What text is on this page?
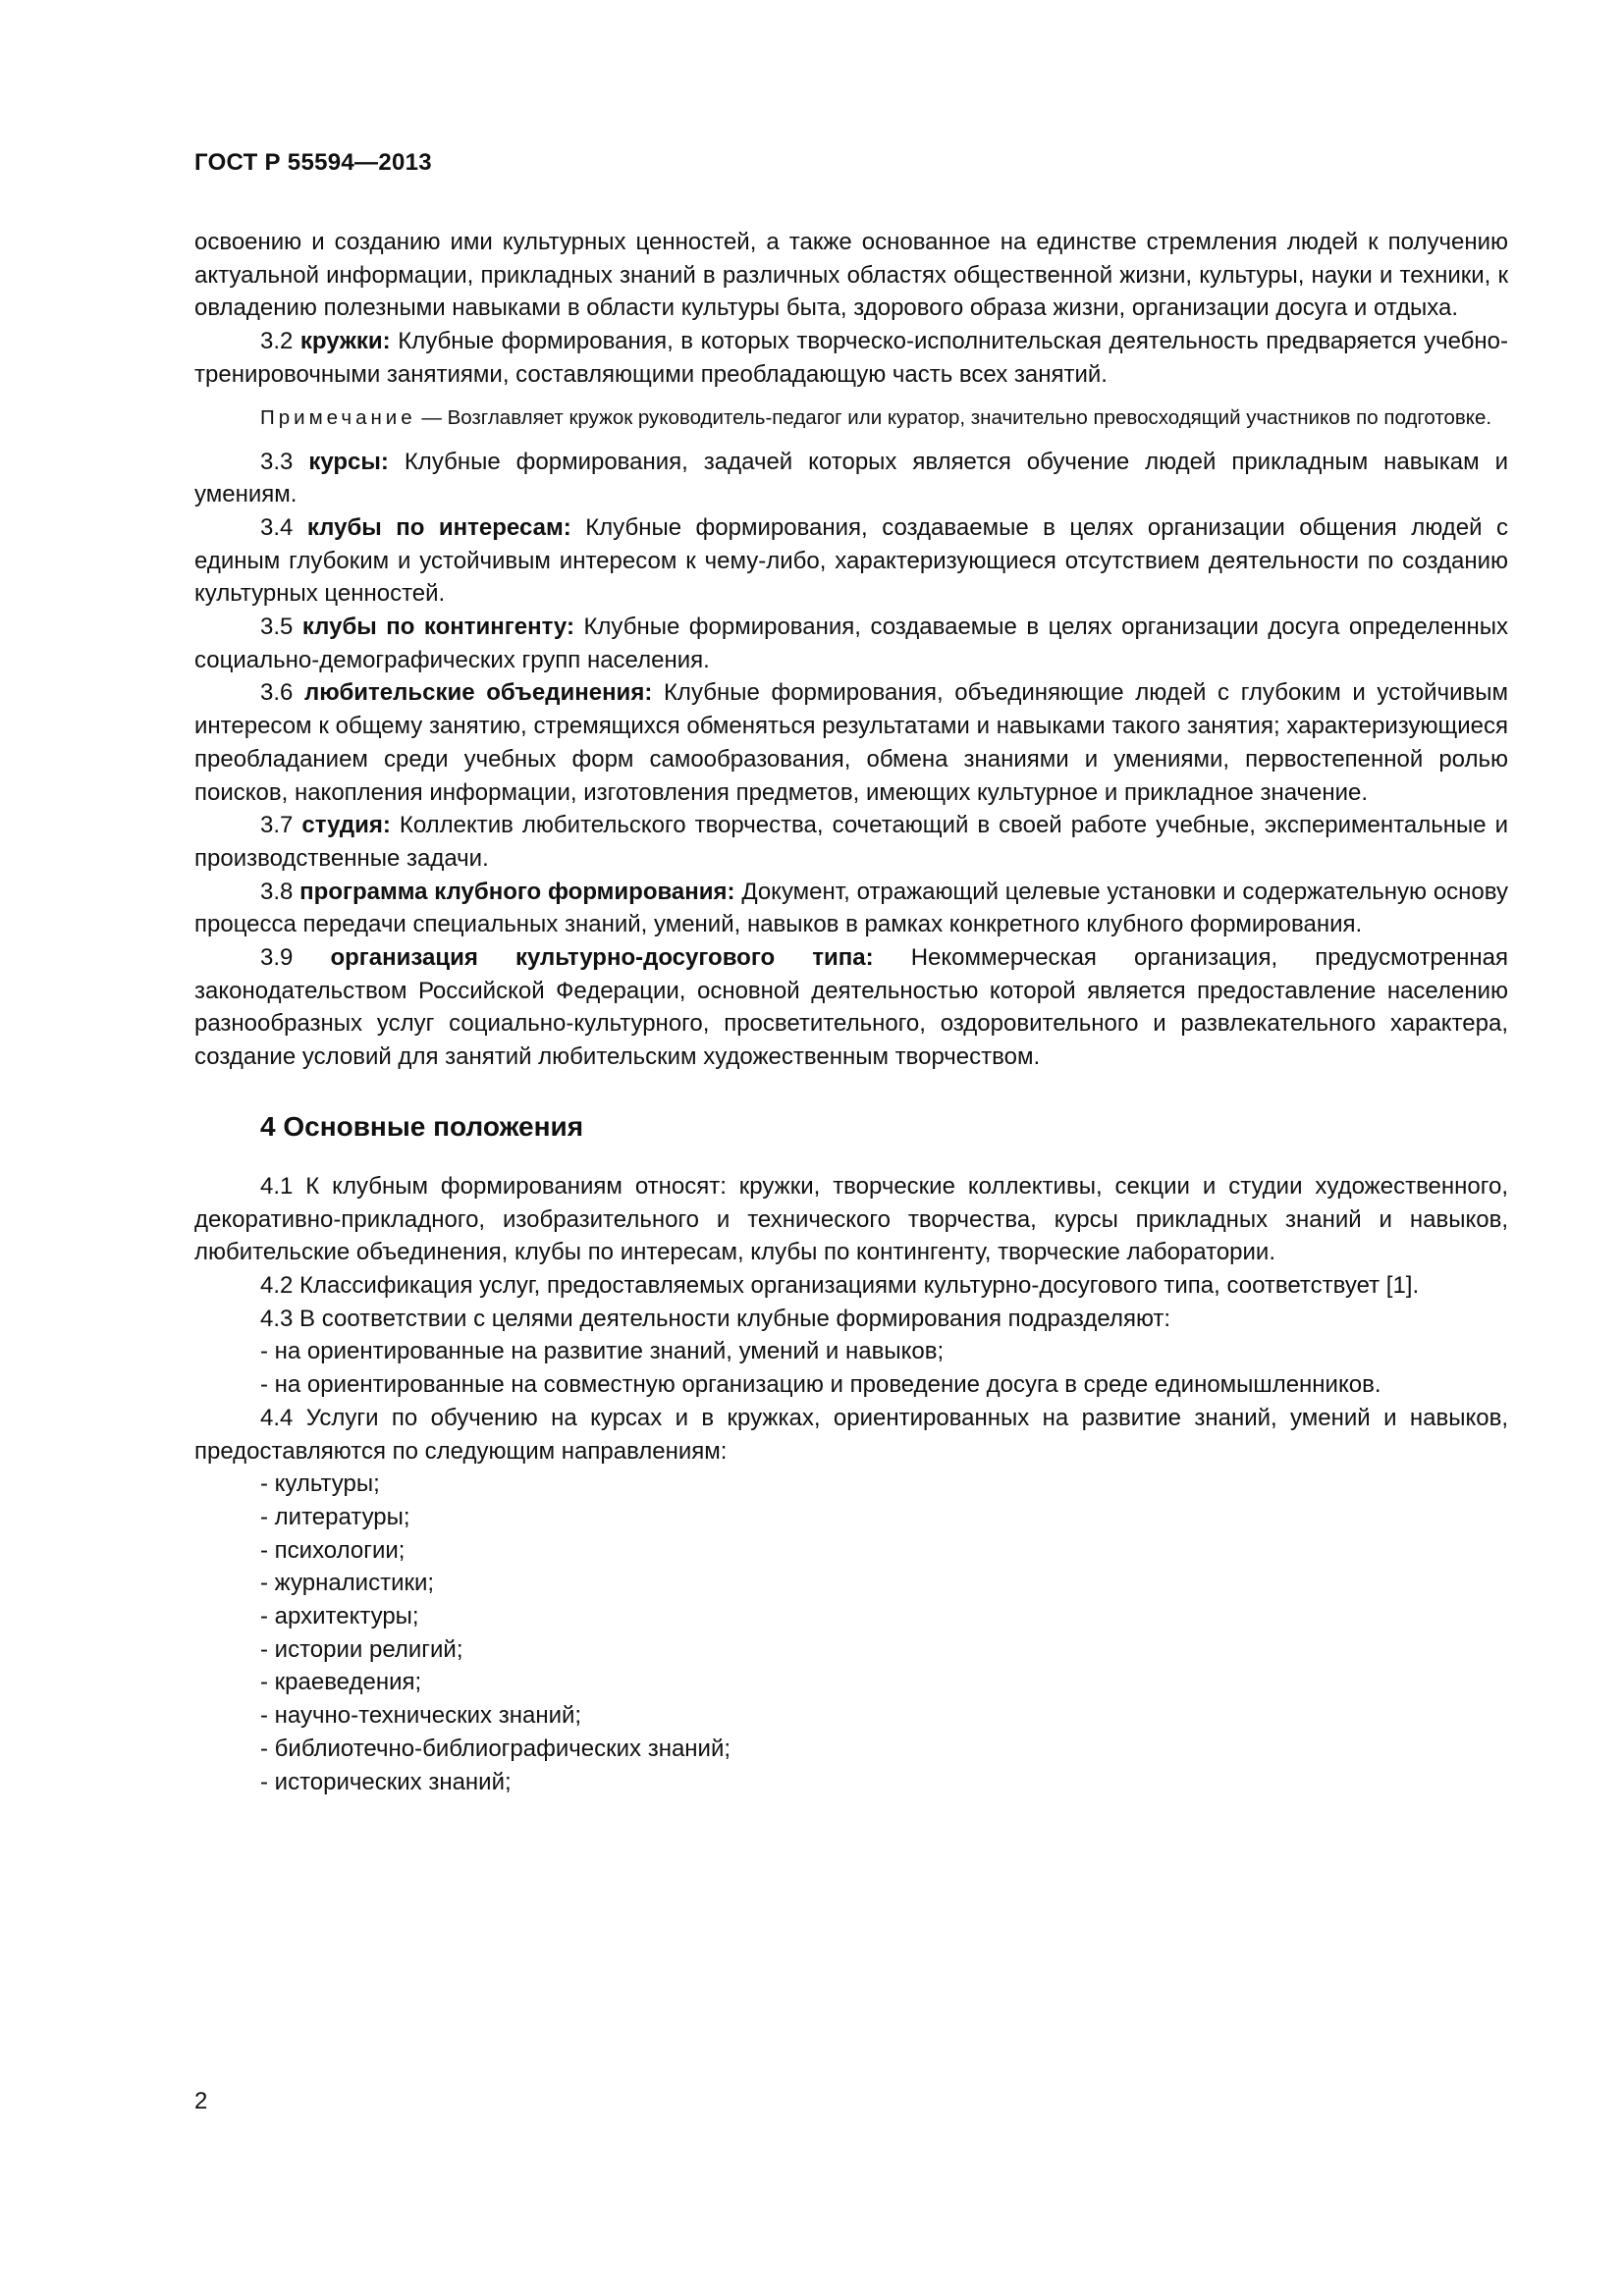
ГОСТ Р 55594—2013

освоению и созданию ими культурных ценностей, а также основанное на единстве стремления людей к получению актуальной информации, прикладных знаний в различных областях общественной жизни, культуры, науки и техники, к овладению полезными навыками в области культуры быта, здорового образа жизни, организации досуга и отдыха.

3.2 кружки: Клубные формирования, в которых творческо-исполнительская деятельность предваряется учебно-тренировочными занятиями, составляющими преобладающую часть всех занятий.

Примечание — Возглавляет кружок руководитель-педагог или куратор, значительно превосходящий участников по подготовке.

3.3 курсы: Клубные формирования, задачей которых является обучение людей прикладным навыкам и умениям.

3.4 клубы по интересам: Клубные формирования, создаваемые в целях организации общения людей с единым глубоким и устойчивым интересом к чему-либо, характеризующиеся отсутствием деятельности по созданию культурных ценностей.

3.5 клубы по контингенту: Клубные формирования, создаваемые в целях организации досуга определенных социально-демографических групп населения.

3.6 любительские объединения: Клубные формирования, объединяющие людей с глубоким и устойчивым интересом к общему занятию, стремящихся обменяться результатами и навыками такого занятия; характеризующиеся преобладанием среди учебных форм самообразования, обмена знаниями и умениями, первостепенной ролью поисков, накопления информации, изготовления предметов, имеющих культурное и прикладное значение.

3.7 студия: Коллектив любительского творчества, сочетающий в своей работе учебные, экспериментальные и производственные задачи.

3.8 программа клубного формирования: Документ, отражающий целевые установки и содержательную основу процесса передачи специальных знаний, умений, навыков в рамках конкретного клубного формирования.

3.9 организация культурно-досугового типа: Некоммерческая организация, предусмотренная законодательством Российской Федерации, основной деятельностью которой является предоставление населению разнообразных услуг социально-культурного, просветительного, оздоровительного и развлекательного характера, создание условий для занятий любительским художественным творчеством.

4 Основные положения

4.1 К клубным формированиям относят: кружки, творческие коллективы, секции и студии художественного, декоративно-прикладного, изобразительного и технического творчества, курсы прикладных знаний и навыков, любительские объединения, клубы по интересам, клубы по контингенту, творческие лаборатории.

4.2 Классификация услуг, предоставляемых организациями культурно-досугового типа, соответствует [1].

4.3 В соответствии с целями деятельности клубные формирования подразделяют:

- на ориентированные на развитие знаний, умений и навыков;

- на ориентированные на совместную организацию и проведение досуга в среде единомышленников.

4.4 Услуги по обучению на курсах и в кружках, ориентированных на развитие знаний, умений и навыков, предоставляются по следующим направлениям:

- культуры;

- литературы;

- психологии;

- журналистики;

- архитектуры;

- истории религий;

- краеведения;

- научно-технических знаний;

- библиотечно-библиографических знаний;

- исторических знаний;

2
